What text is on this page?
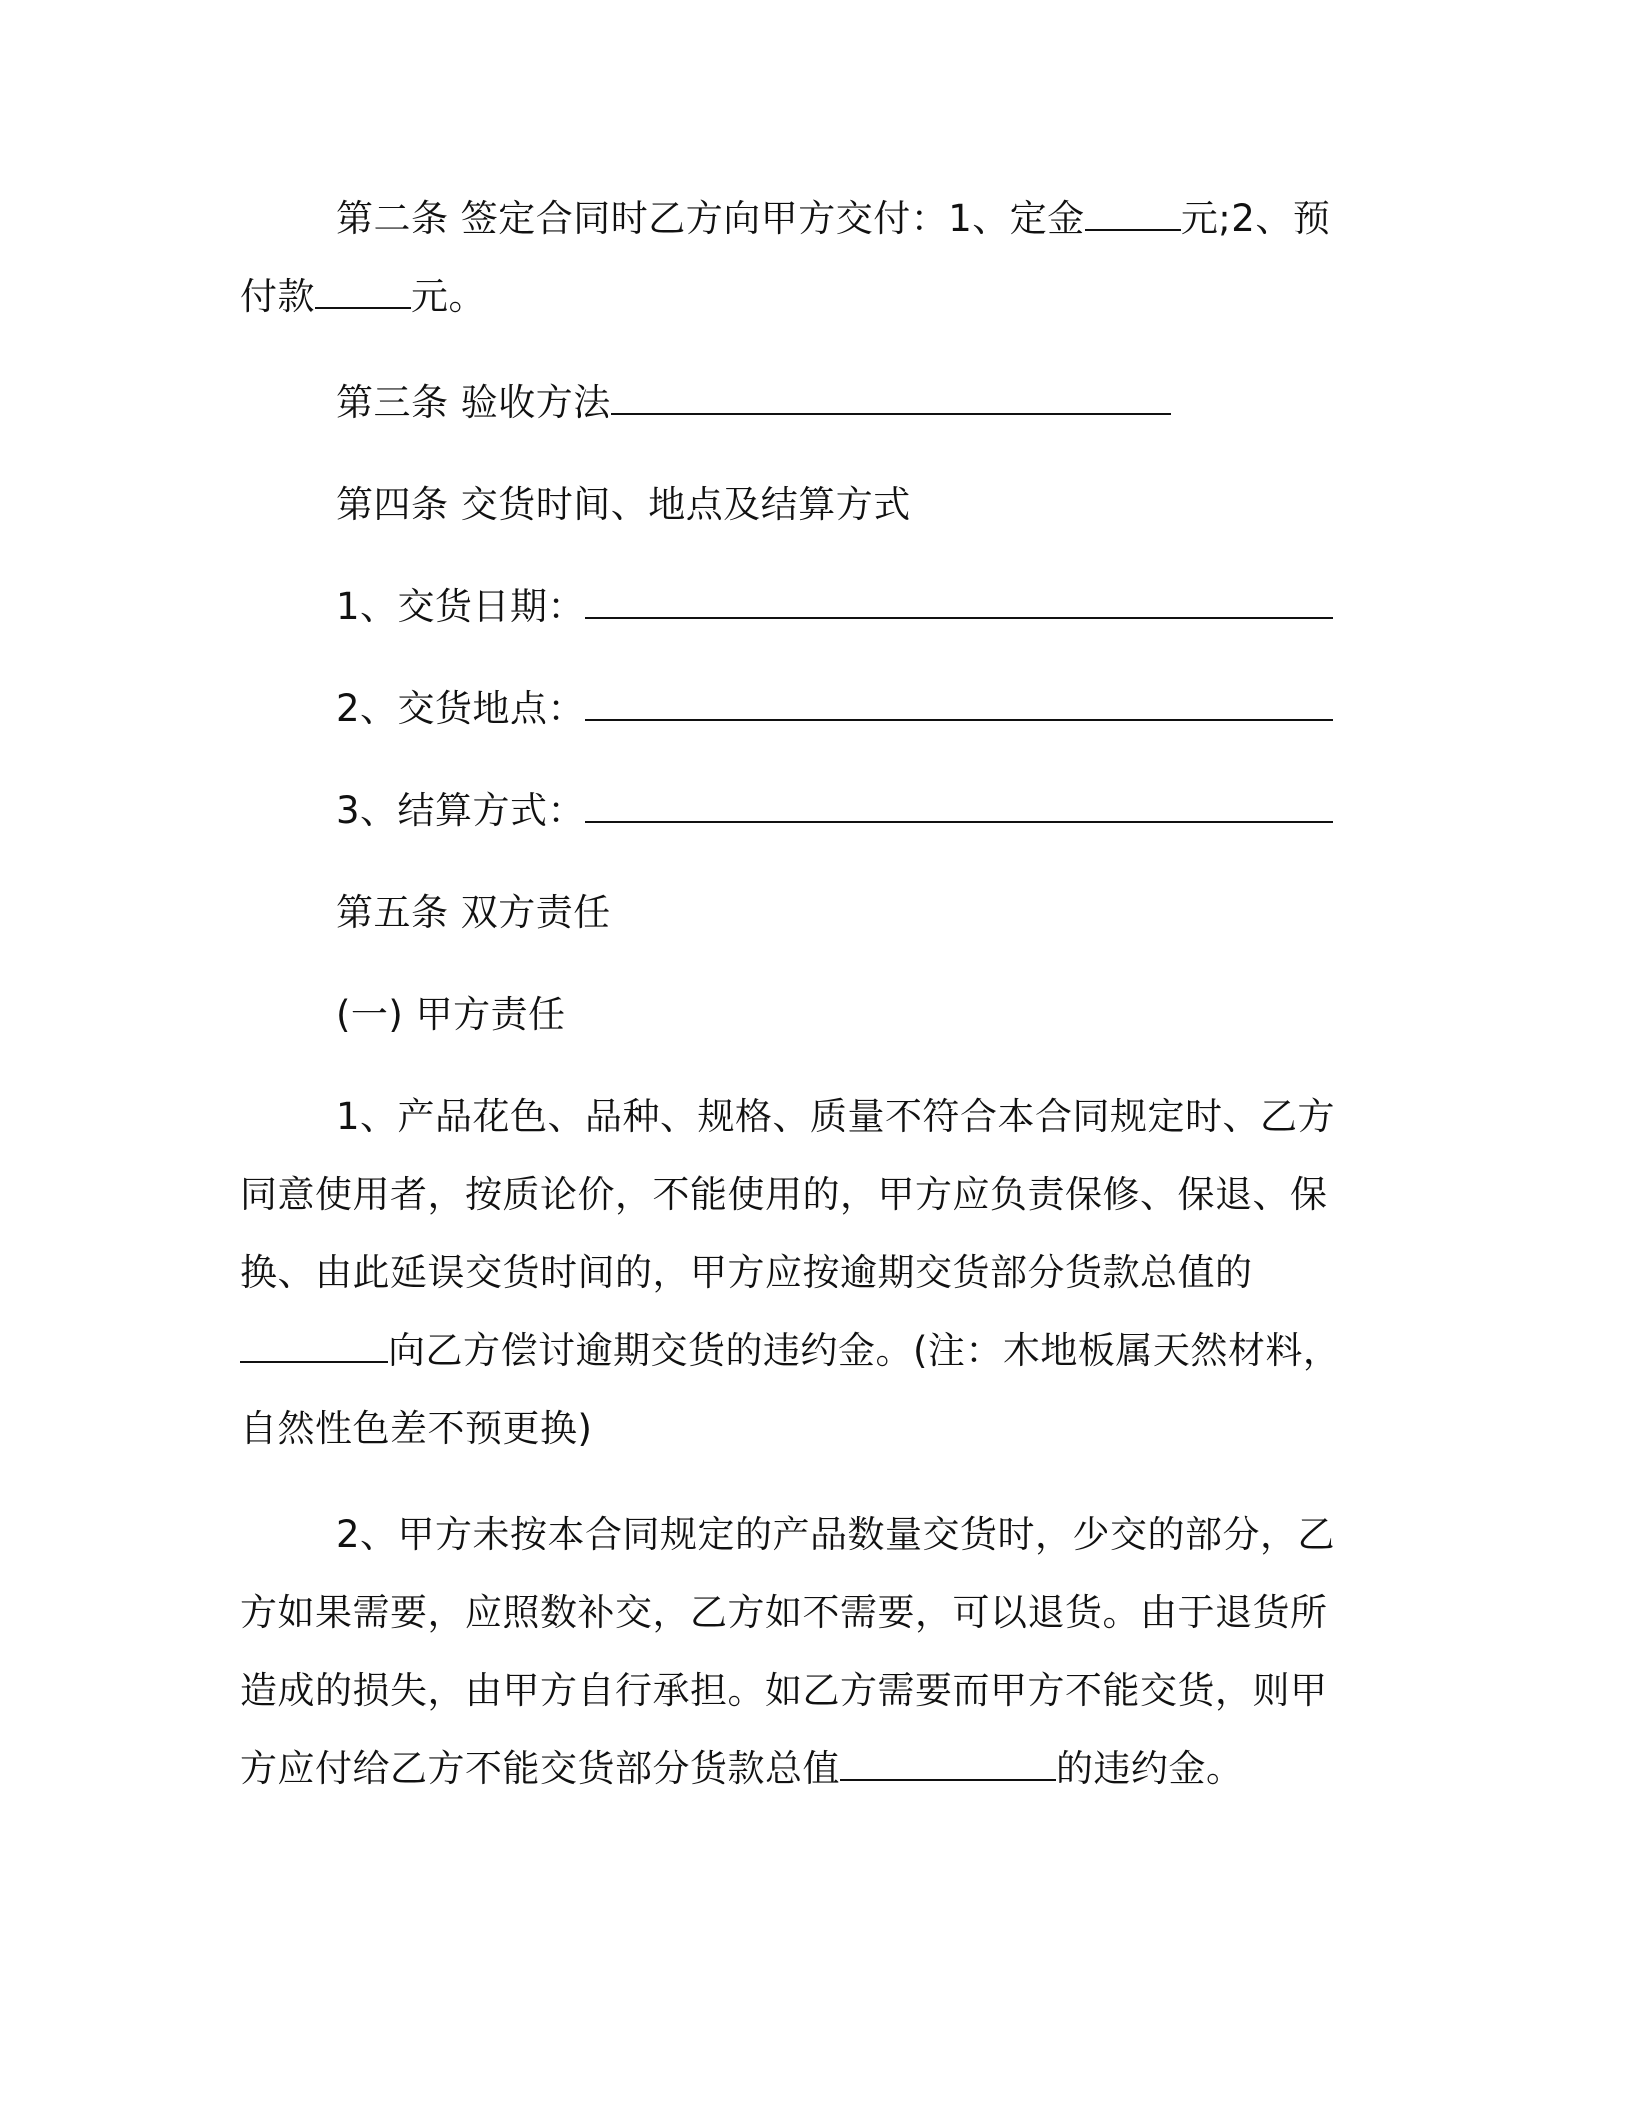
第二条 签定合同时乙方向甲方交付：1、定金	元;2、预付款	元。

第三条 验收方法

第四条 交货时间、地点及结算方式

1、交货日期：

2、交货地点：

3、结算方式：

第五条 双方责任

(一) 甲方责任

1、产品花色、品种、规格、质量不符合本合同规定时、乙方同意使用者，按质论价，不能使用的，甲方应负责保修、保退、保换、由此延误交货时间的，甲方应按逾期交货部分货款总值的向乙方偿讨逾期交货的违约金。(注：木地板属天然材料，自然性色差不预更换)

2、甲方未按本合同规定的产品数量交货时，少交的部分，乙方如果需要，应照数补交，乙方如不需要，可以退货。由于退货所造成的损失，由甲方自行承担。如乙方需要而甲方不能交货，则甲方应付给乙方不能交货部分货款总值	的违约金。
